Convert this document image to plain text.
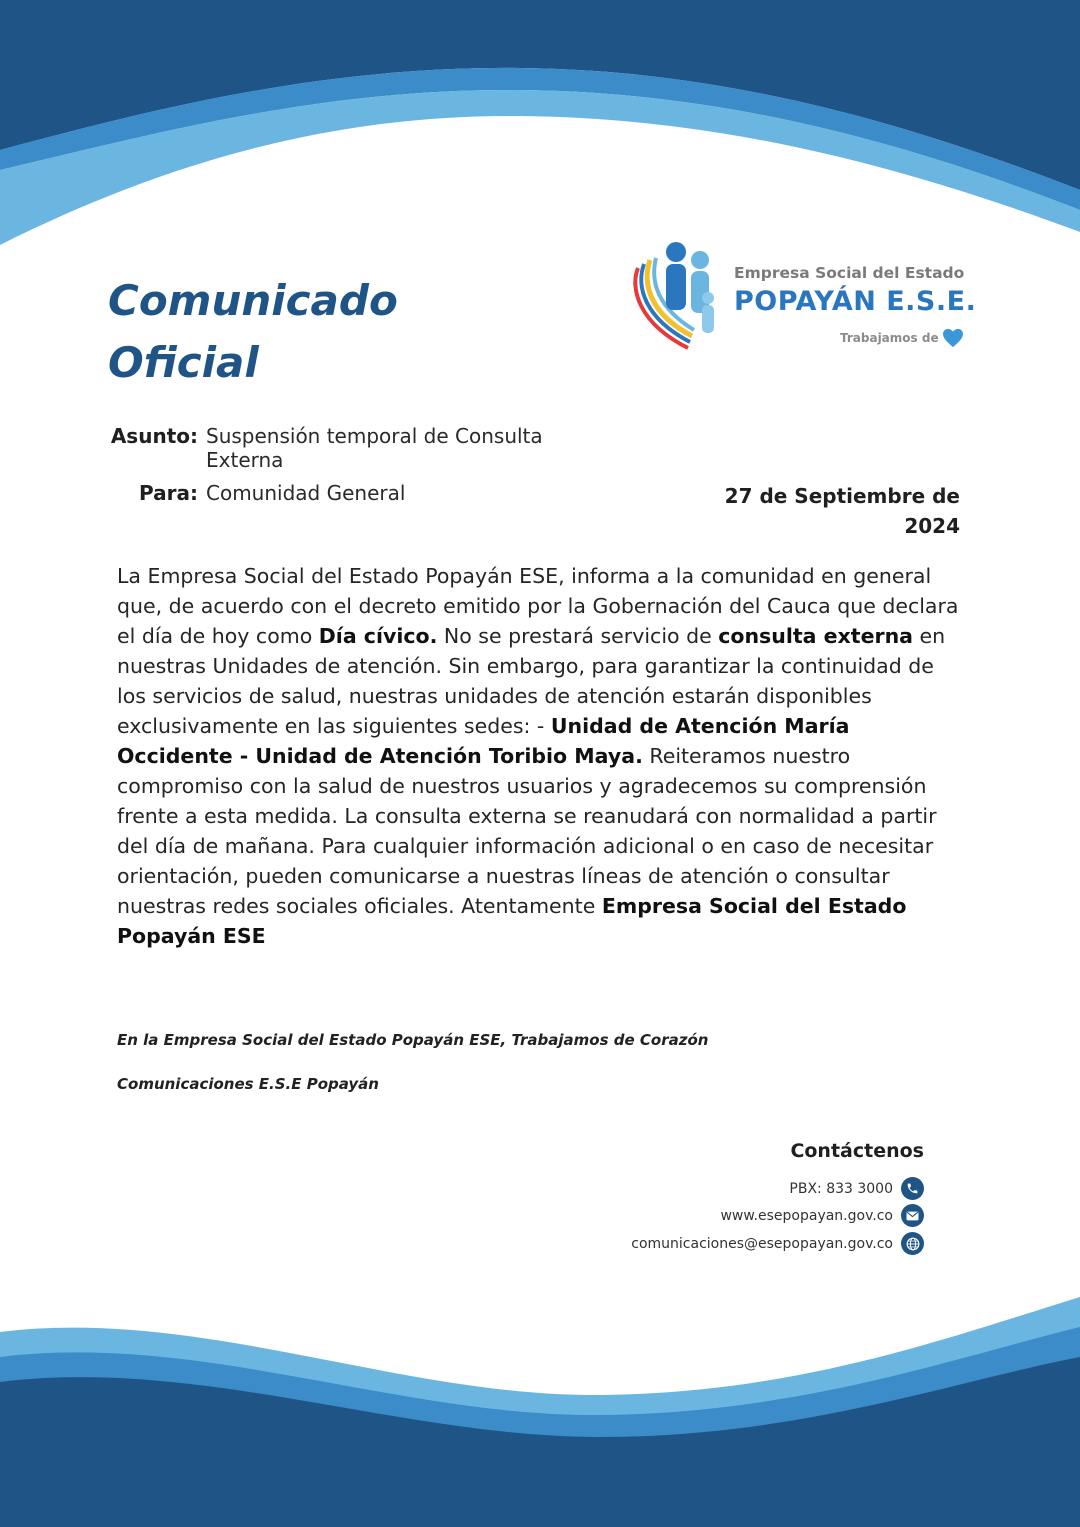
Comunicado
Oficial

Empresa Social del Estado

POPAYÁN E.S.E.

Trabajamos de

Asunto: Suspensión temporal de Consulta Externa
Para: Comunidad General	27 de Septiembre de 2024

La Empresa Social del Estado Popayán ESE, informa a la comunidad en general que, de acuerdo con el decreto emitido por la Gobernación del Cauca que declara el día de hoy como Día cívico. No se prestará servicio de consulta externa en nuestras Unidades de atención. Sin embargo, para garantizar la continuidad de los servicios de salud, nuestras unidades de atención estarán disponibles exclusivamente en las siguientes sedes: - Unidad de Atención María Occidente - Unidad de Atención Toribio Maya. Reiteramos nuestro compromiso con la salud de nuestros usuarios y agradecemos su comprensión frente a esta medida. La consulta externa se reanudará con normalidad a partir del día de mañana. Para cualquier información adicional o en caso de necesitar orientación, pueden comunicarse a nuestras líneas de atención o consultar nuestras redes sociales oficiales. Atentamente Empresa Social del Estado Popayán ESE

En la Empresa Social del Estado Popayán ESE, Trabajamos de Corazón

Comunicaciones E.S.E Popayán

Contáctenos

PBX: 833 3000
www.esepopayan.gov.co
comunicaciones@esepopayan.gov.co
